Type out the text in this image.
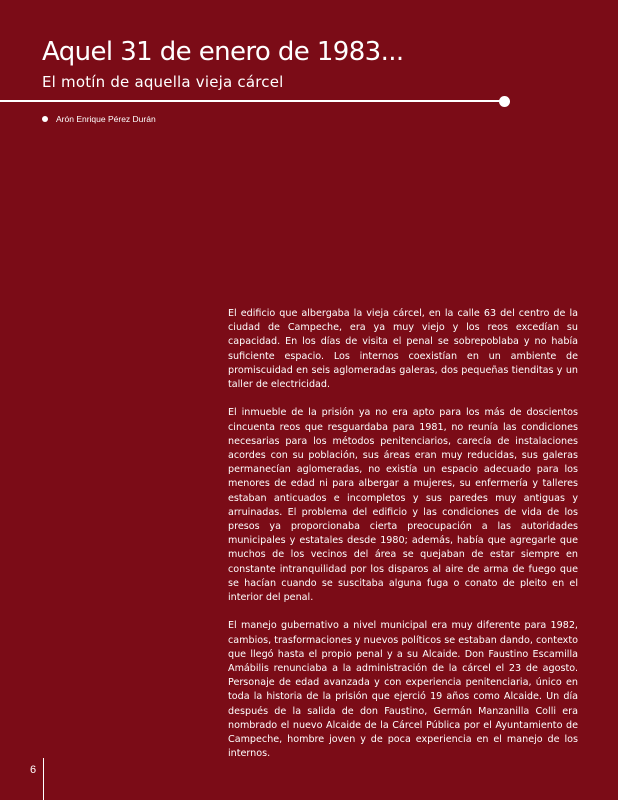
Aquel 31 de enero de 1983...
El motín de aquella vieja cárcel
Arón Enrique Pérez Durán

El edificio que albergaba la vieja cárcel, en la calle 63 del centro de la ciudad de Campeche, era ya muy viejo y los reos excedían su capacidad. En los días de visita el penal se sobrepoblaba y no había suficiente espacio. Los internos coexistían en un ambiente de promiscuidad en seis aglomeradas galeras, dos pequeñas tienditas y un taller de electricidad.

El inmueble de la prisión ya no era apto para los más de doscientos cincuenta reos que resguardaba para 1981, no reunía las condiciones necesarias para los métodos penitenciarios, carecía de instalaciones acordes con su población, sus áreas eran muy reducidas, sus galeras permanecían aglomeradas, no existía un espacio adecuado para los menores de edad ni para albergar a mujeres, su enfermería y talleres estaban anticuados e incompletos y sus paredes muy antiguas y arruinadas. El problema del edificio y las condiciones de vida de los presos ya proporcionaba cierta preocupación a las autoridades municipales y estatales desde 1980; además, había que agregarle que muchos de los vecinos del área se quejaban de estar siempre en constante intranquilidad por los disparos al aire de arma de fuego que se hacían cuando se suscitaba alguna fuga o conato de pleito en el interior del penal.

El manejo gubernativo a nivel municipal era muy diferente para 1982, cambios, trasformaciones y nuevos políticos se estaban dando, contexto que llegó hasta el propio penal y a su Alcaide. Don Faustino Escamilla Amábilis renunciaba a la administración de la cárcel el 23 de agosto. Personaje de edad avanzada y con experiencia penitenciaria, único en toda la historia de la prisión que ejerció 19 años como Alcaide. Un día después de la salida de don Faustino, Germán Manzanilla Colli era nombrado el nuevo Alcaide de la Cárcel Pública por el Ayuntamiento de Campeche, hombre joven y de poca experiencia en el manejo de los internos.

6
